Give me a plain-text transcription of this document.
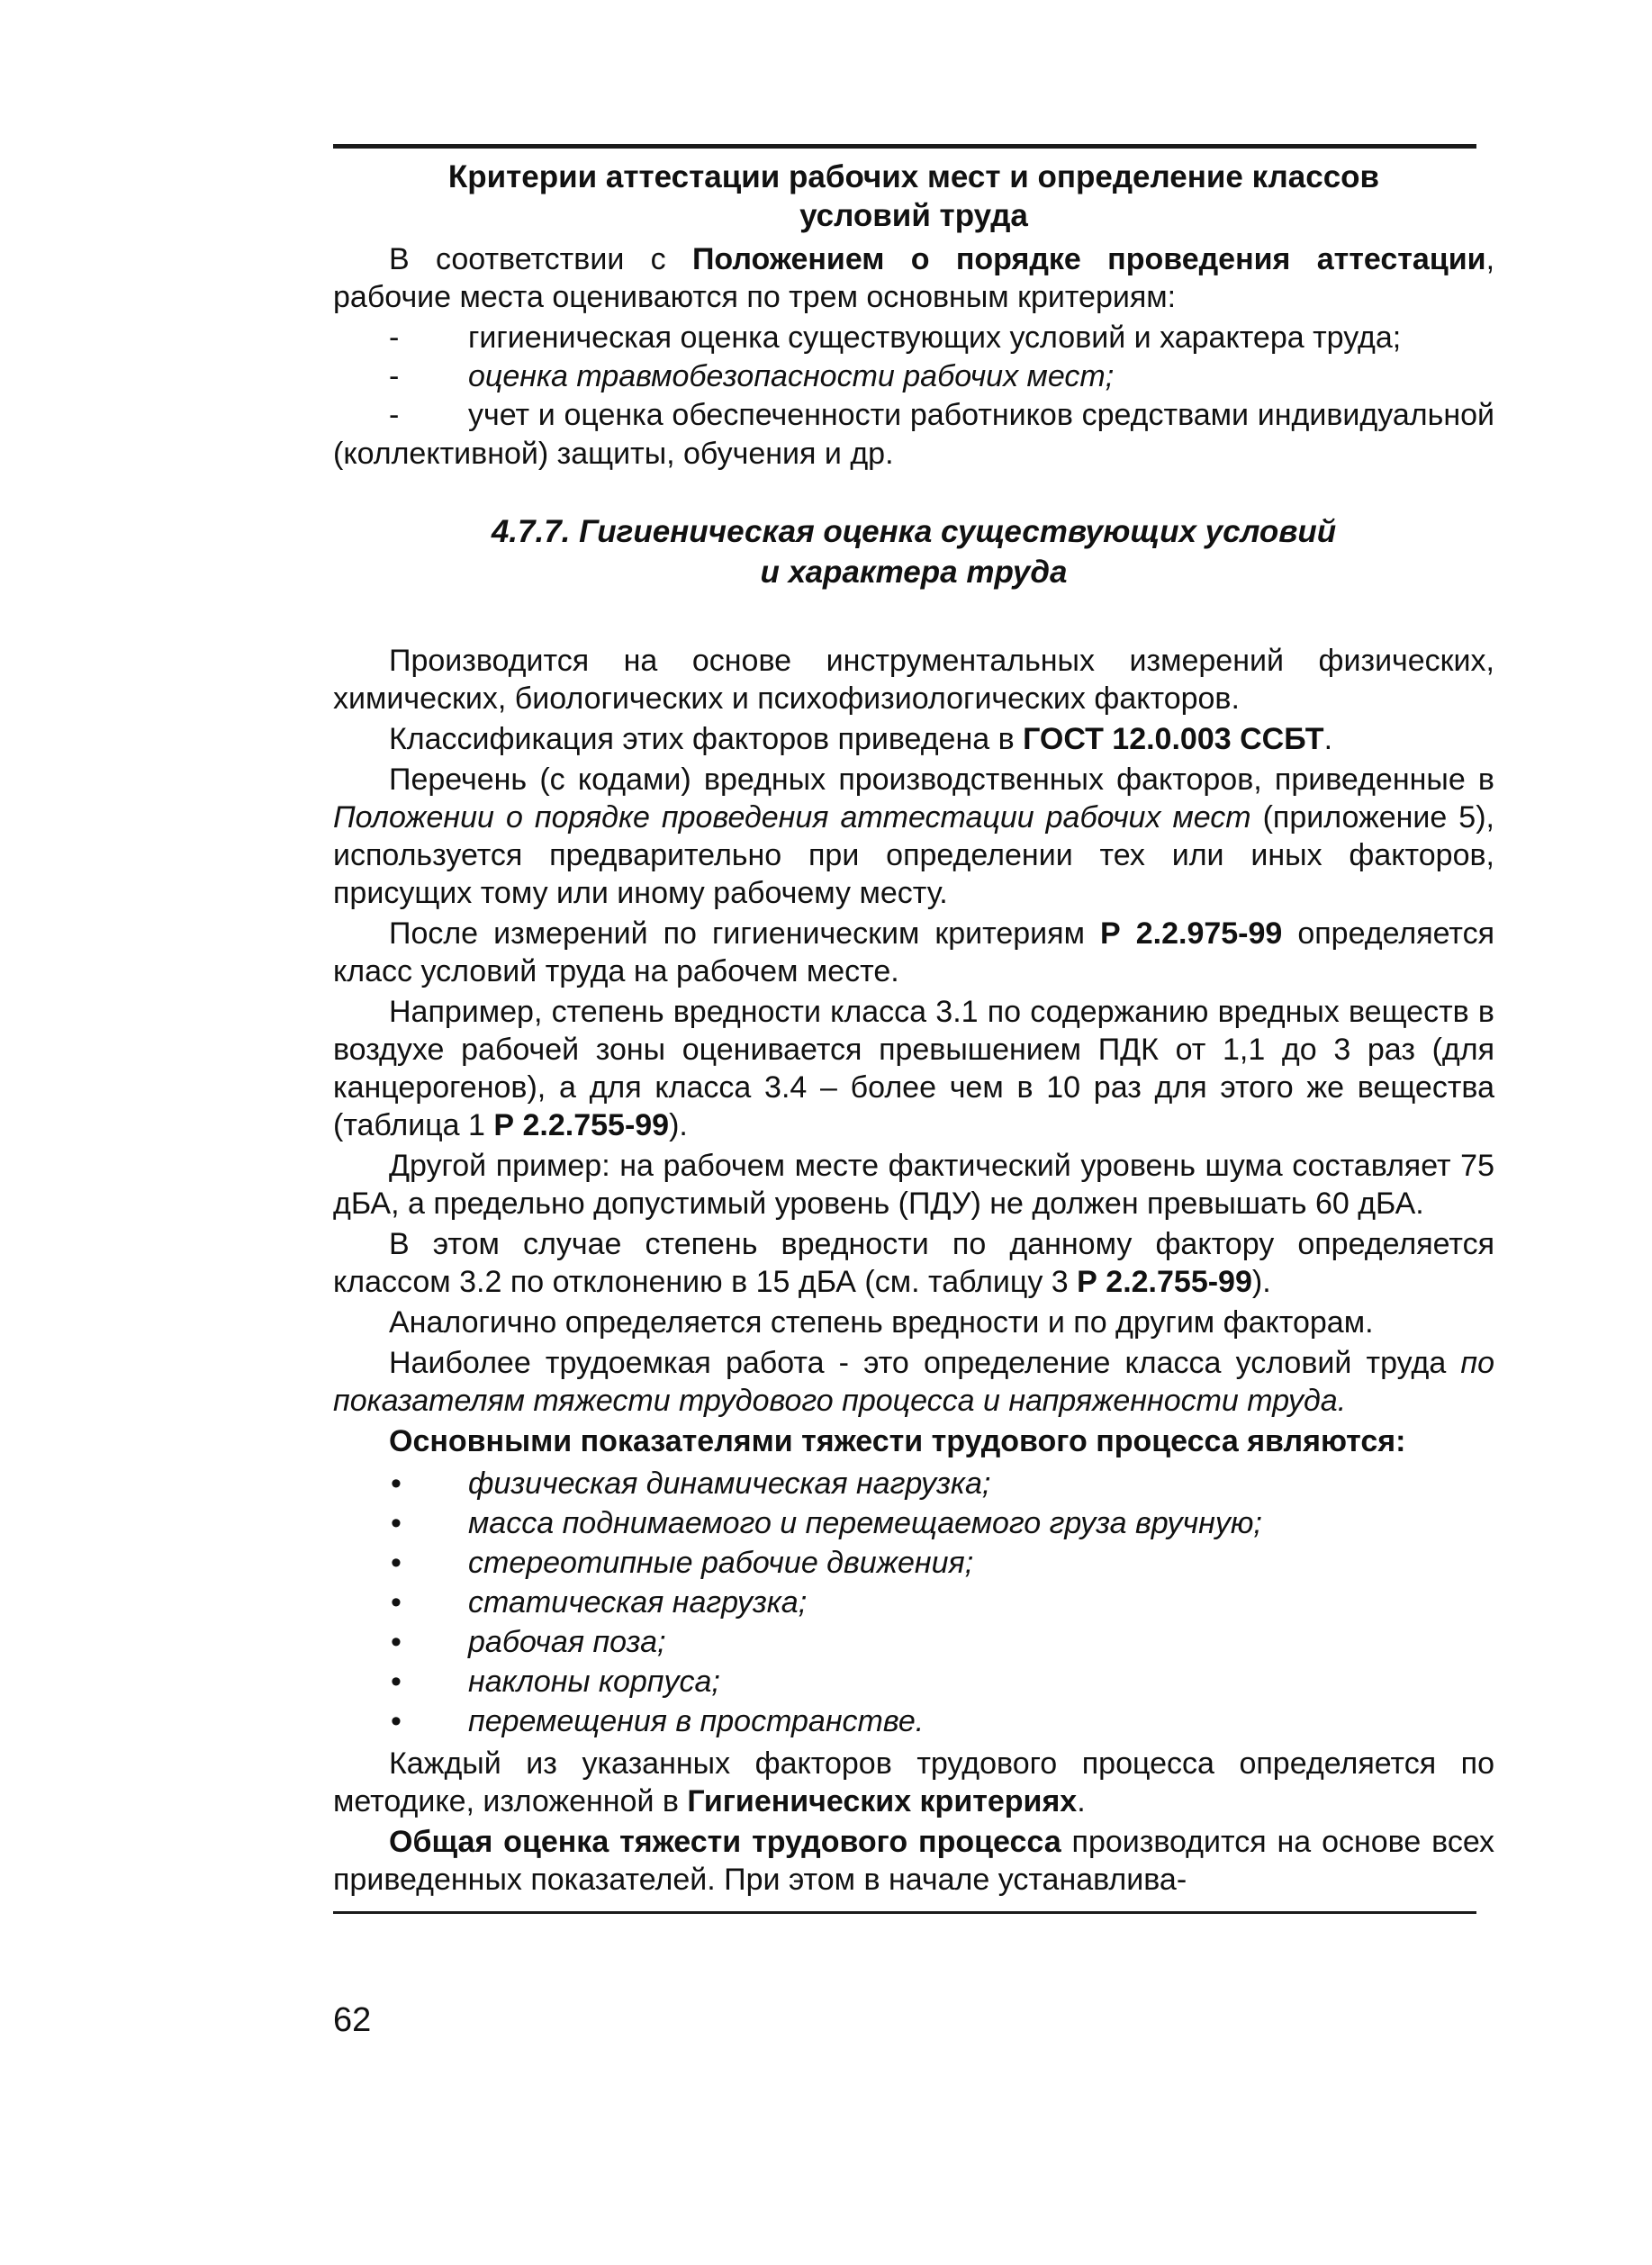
Критерии аттестации рабочих мест и определение классов
условий труда

В соответствии с Положением о порядке проведения аттестации, рабочие места оцениваются по трем основным критериям:

- гигиеническая оценка существующих условий и характера труда;
- оценка травмобезопасности рабочих мест;
- учет и оценка обеспеченности работников средствами индивидуальной (коллективной) защиты, обучения и др.
4.7.7. Гигиеническая оценка существующих условий
и характера труда

Производится на основе инструментальных измерений физических, химических, биологических и психофизиологических факторов.

Классификация этих факторов приведена в ГОСТ 12.0.003 ССБТ.

Перечень (с кодами) вредных производственных факторов, приведенные в Положении о порядке проведения аттестации рабочих мест (приложение 5), используется предварительно при определении тех или иных факторов, присущих тому или иному рабочему месту.

После измерений по гигиеническим критериям Р 2.2.975-99 определяется класс условий труда на рабочем месте.

Например, степень вредности класса 3.1 по содержанию вредных веществ в воздухе рабочей зоны оценивается превышением ПДК от 1,1 до 3 раз (для канцерогенов), а для класса 3.4 – более чем в 10 раз для этого же вещества (таблица 1 Р 2.2.755-99).

Другой пример: на рабочем месте фактический уровень шума составляет 75 дБА, а предельно допустимый уровень (ПДУ) не должен превышать 60 дБА.

В этом случае степень вредности по данному фактору определяется классом 3.2 по отклонению в 15 дБА (см. таблицу 3 Р 2.2.755-99).

Аналогично определяется степень вредности и по другим факторам.

Наиболее трудоемкая работа - это определение класса условий труда по показателям тяжести трудового процесса и напряженности труда.

Основными показателями тяжести трудового процесса являются:

• физическая динамическая нагрузка;
• масса поднимаемого и перемещаемого груза вручную;
• стереотипные рабочие движения;
• статическая нагрузка;
• рабочая поза;
• наклоны корпуса;
• перемещения в пространстве.

Каждый из указанных факторов трудового процесса определяется по методике, изложенной в Гигиенических критериях.

Общая оценка тяжести трудового процесса производится на основе всех приведенных показателей. При этом в начале устанавлива-

62
